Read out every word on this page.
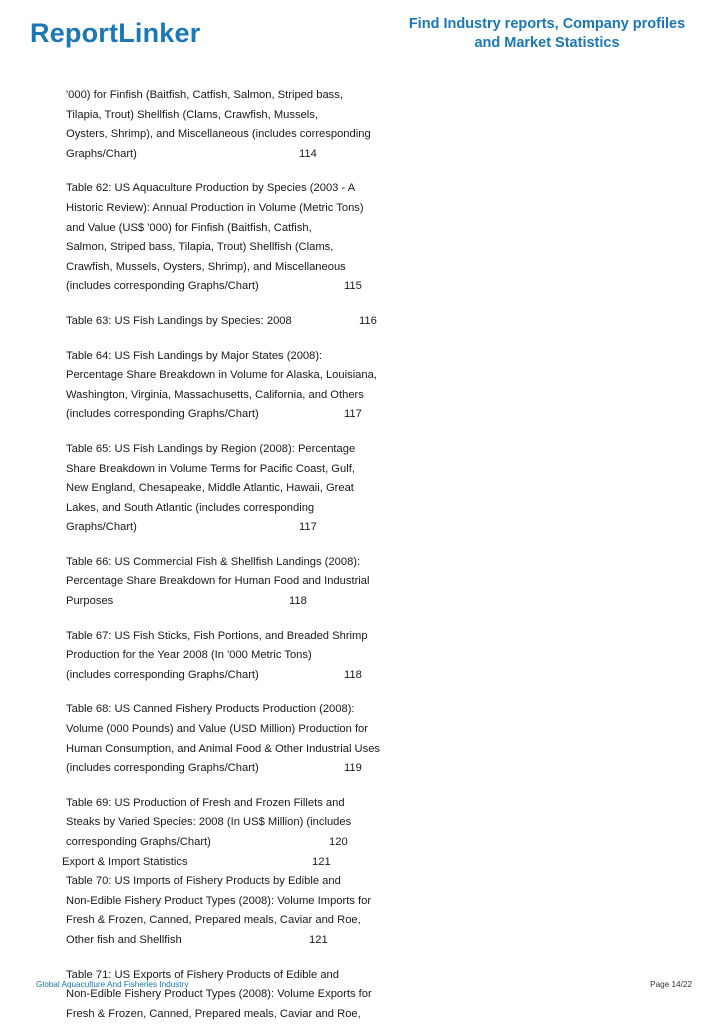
ReportLinker	Find Industry reports, Company profiles
and Market Statistics
'000) for Finfish (Baitfish, Catfish, Salmon, Striped bass,
Tilapia, Trout) Shellfish (Clams, Crawfish, Mussels,
Oysters, Shrimp), and Miscellaneous (includes corresponding
Graphs/Chart)	114
Table 62: US Aquaculture Production by Species (2003 - A
Historic Review): Annual Production in Volume (Metric Tons)
and Value (US$ '000) for Finfish (Baitfish, Catfish,
Salmon, Striped bass, Tilapia, Trout) Shellfish (Clams,
Crawfish, Mussels, Oysters, Shrimp), and Miscellaneous
(includes corresponding Graphs/Chart)	115
Table 63: US Fish Landings by Species: 2008	116
Table 64: US Fish Landings by Major States (2008):
Percentage Share Breakdown in Volume for Alaska, Louisiana,
Washington, Virginia, Massachusetts, California, and Others
(includes corresponding Graphs/Chart)	117
Table 65: US Fish Landings by Region (2008): Percentage
Share Breakdown in Volume Terms for Pacific Coast, Gulf,
New England, Chesapeake, Middle Atlantic, Hawaii, Great
Lakes, and South Atlantic (includes corresponding
Graphs/Chart)	117
Table 66: US Commercial Fish & Shellfish Landings (2008):
Percentage Share Breakdown for Human Food and Industrial
Purposes	118
Table 67: US Fish Sticks, Fish Portions, and Breaded Shrimp
Production for the Year 2008 (In '000 Metric Tons)
(includes corresponding Graphs/Chart)	118
Table 68: US Canned Fishery Products Production (2008):
Volume (000 Pounds) and Value (USD Million) Production for
Human Consumption, and Animal Food & Other Industrial Uses
(includes corresponding Graphs/Chart)	119
Table 69: US Production of Fresh and Frozen Fillets and
Steaks by Varied Species: 2008 (In US$ Million) (includes
corresponding Graphs/Chart)	120
Export & Import Statistics	121
Table 70: US Imports of Fishery Products by Edible and
Non-Edible Fishery Product Types (2008): Volume Imports for
Fresh & Frozen, Canned, Prepared meals, Caviar and Roe,
Other fish and Shellfish	121
Table 71: US Exports of Fishery Products of Edible and
Non-Edible Fishery Product Types (2008): Volume Exports for
Fresh & Frozen, Canned, Prepared meals, Caviar and Roe,
Global Aquaculture And Fisheries Industry	Page 14/22
